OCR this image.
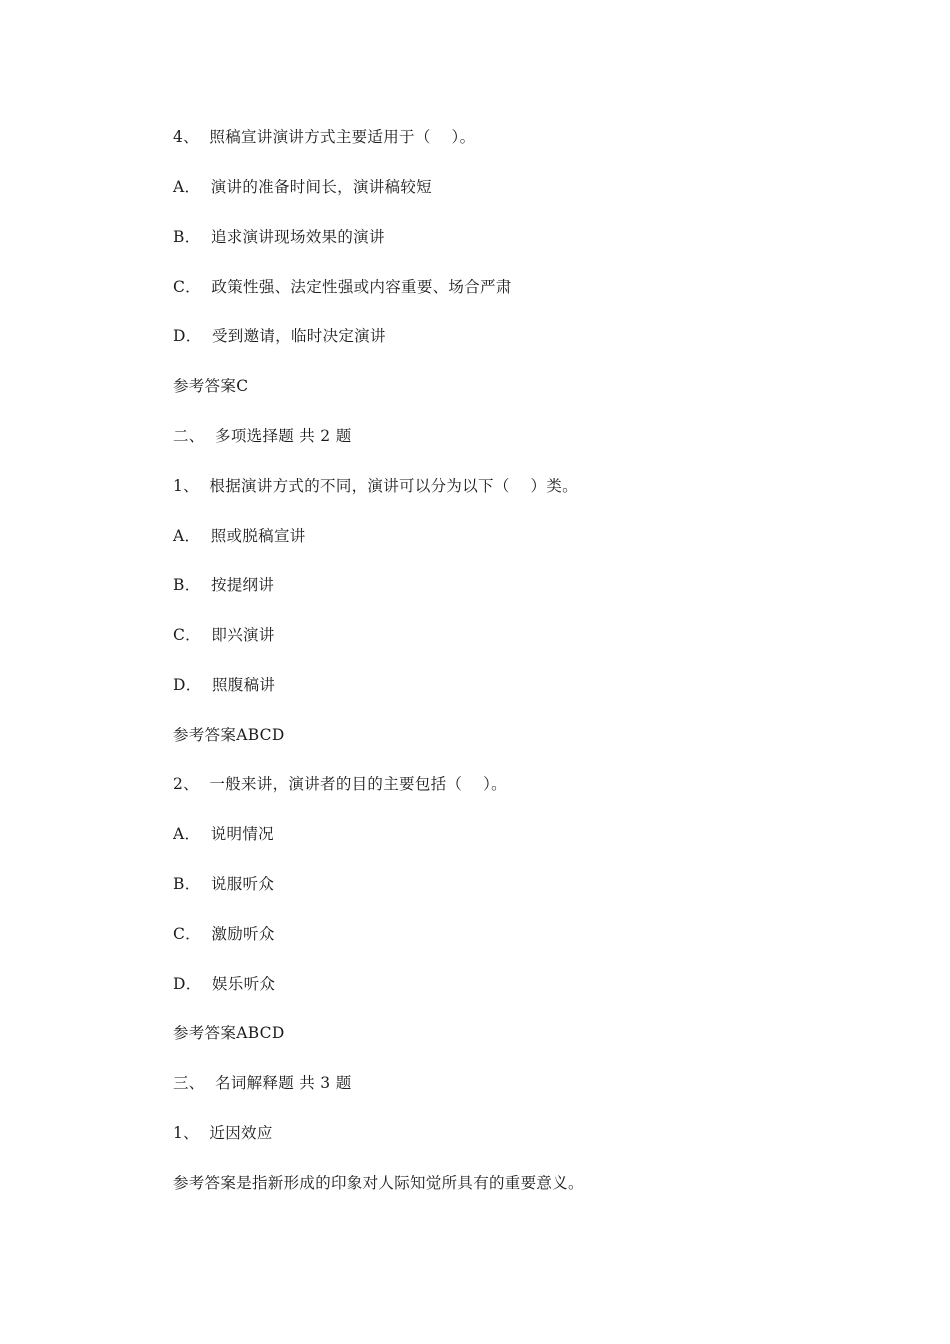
4、  照稿宣讲演讲方式主要适用于（    ）。
A．  演讲的准备时间长，演讲稿较短
B．  追求演讲现场效果的演讲
C．  政策性强、法定性强或内容重要、场合严肃
D．  受到邀请，临时决定演讲
参考答案C
二、  多项选择题 共 2 题
1、  根据演讲方式的不同，演讲可以分为以下（    ）类。
A．  照或脱稿宣讲
B．  按提纲讲
C．  即兴演讲
D．  照腹稿讲
参考答案ABCD
2、  一般来讲，演讲者的目的主要包括（    ）。
A．  说明情况
B．  说服听众
C．  激励听众
D．  娱乐听众
参考答案ABCD
三、  名词解释题 共 3 题
1、  近因效应
参考答案是指新形成的印象对人际知觉所具有的重要意义。
